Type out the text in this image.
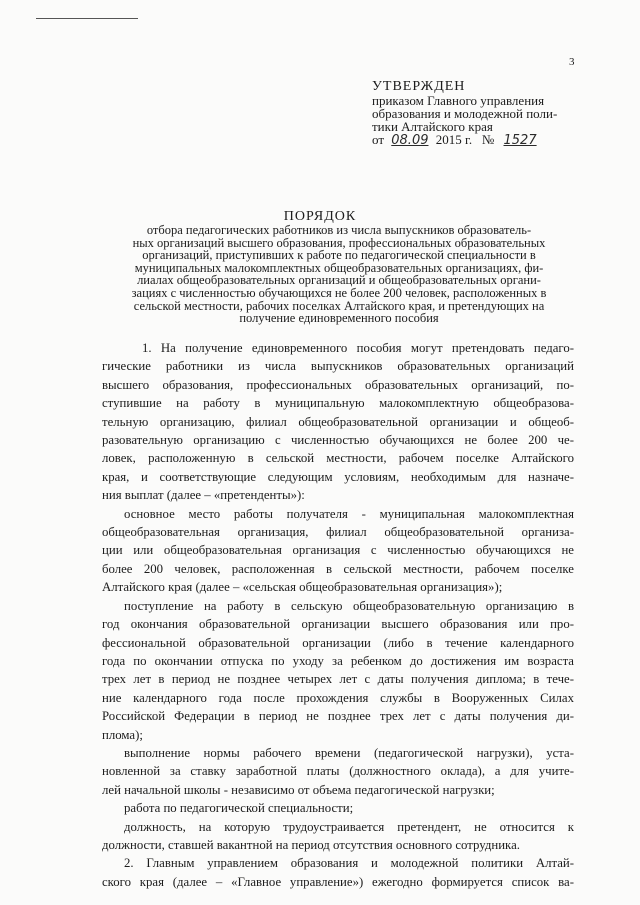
3
УТВЕРЖДЕН
приказом Главного управления
образования и молодежной поли-
тики Алтайского края
от 08.09 2015 г. № 1527
ПОРЯДОК
отбора педагогических работников из числа выпускников образователь-
ных организаций высшего образования, профессиональных образовательных
организаций, приступивших к работе по педагогической специальности в
муниципальных малокомплектных общеобразовательных организациях, фи-
лиалах общеобразовательных организаций и общеобразовательных органи-
зациях с численностью обучающихся не более 200 человек, расположенных в
сельской местности, рабочих поселках Алтайского края, и претендующих на
получение единовременного пособия
1. На получение единовременного пособия могут претендовать педаго-
гические работники из числа выпускников образовательных организаций
высшего образования, профессиональных образовательных организаций, по-
ступившие на работу в муниципальную малокомплектную общеобразова-
тельную организацию, филиал общеобразовательной организации и общеоб-
разовательную организацию с численностью обучающихся не более 200 че-
ловек, расположенную в сельской местности, рабочем поселке Алтайского
края, и соответствующие следующим условиям, необходимым для назначе-
ния выплат (далее – «претенденты»):
основное место работы получателя - муниципальная малокомплектная
общеобразовательная организация, филиал общеобразовательной организа-
ции или общеобразовательная организация с численностью обучающихся не
более 200 человек, расположенная в сельской местности, рабочем поселке
Алтайского края (далее – «сельская общеобразовательная организация»);
поступление на работу в сельскую общеобразовательную организацию в
год окончания образовательной организации высшего образования или про-
фессиональной образовательной организации (либо в течение календарного
года по окончании отпуска по уходу за ребенком до достижения им возраста
трех лет в период не позднее четырех лет с даты получения диплома; в тече-
ние календарного года после прохождения службы в Вооруженных Силах
Российской Федерации в период не позднее трех лет с даты получения ди-
плома);
выполнение нормы рабочего времени (педагогической нагрузки), уста-
новленной за ставку заработной платы (должностного оклада), а для учите-
лей начальной школы - независимо от объема педагогической нагрузки;
работа по педагогической специальности;
должность, на которую трудоустраивается претендент, не относится к
должности, ставшей вакантной на период отсутствия основного сотрудника.
2. Главным управлением образования и молодежной политики Алтай-
ского края (далее – «Главное управление») ежегодно формируется список ва-
